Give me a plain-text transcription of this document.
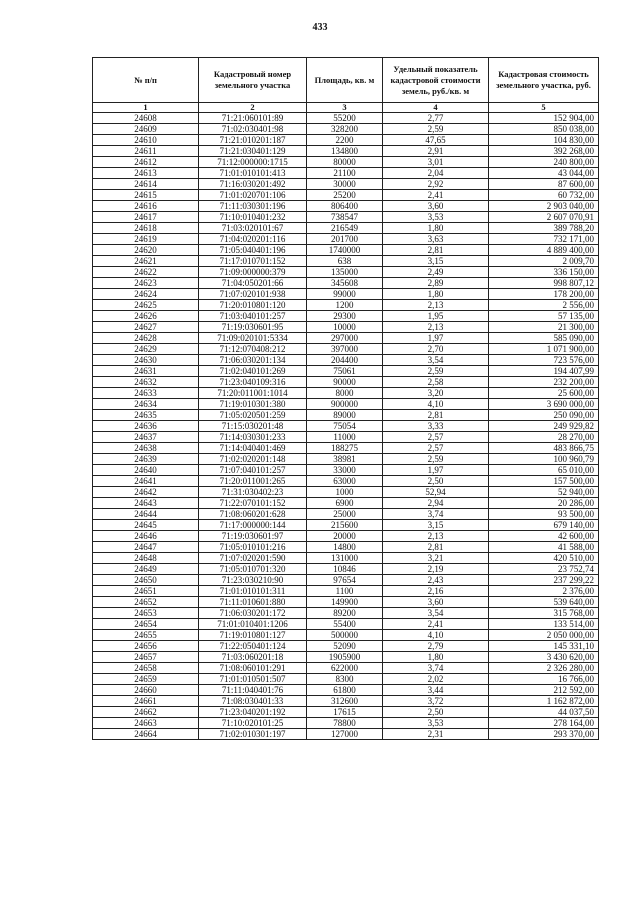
433
№ п/п	Кадастровый номер земельного участка	Площадь, кв. м	Удельный показатель кадастровой стоимости земель, руб./кв. м	Кадастровая стоимость земельного участка, руб.
1	2	3	4	5
24608	71:21:060101:89	55200	2,77	152 904,00
24609	71:02:030401:98	328200	2,59	850 038,00
24610	71:21:010201:187	2200	47,65	104 830,00
24611	71:21:030401:129	134800	2,91	392 268,00
24612	71:12:000000:1715	80000	3,01	240 800,00
24613	71:01:010101:413	21100	2,04	43 044,00
24614	71:16:030201:492	30000	2,92	87 600,00
24615	71:01:020701:106	25200	2,41	60 732,00
24616	71:11:030301:196	806400	3,60	2 903 040,00
24617	71:10:010401:232	738547	3,53	2 607 070,91
24618	71:03:020101:67	216549	1,80	389 788,20
24619	71:04:020201:116	201700	3,63	732 171,00
24620	71:05:040401:196	1740000	2,81	4 889 400,00
24621	71:17:010701:152	638	3,15	2 009,70
24622	71:09:000000:379	135000	2,49	336 150,00
24623	71:04:050201:66	345608	2,89	998 807,12
24624	71:07:020101:938	99000	1,80	178 200,00
24625	71:20:010801:120	1200	2,13	2 556,00
24626	71:03:040101:257	29300	1,95	57 135,00
24627	71:19:030601:95	10000	2,13	21 300,00
24628	71:09:020101:5334	297000	1,97	585 090,00
24629	71:12:070408:212	397000	2,70	1 071 900,00
24630	71:06:030201:134	204400	3,54	723 576,00
24631	71:02:040101:269	75061	2,59	194 407,99
24632	71:23:040109:316	90000	2,58	232 200,00
24633	71:20:011001:1014	8000	3,20	25 600,00
24634	71:19:010301:380	900000	4,10	3 690 000,00
24635	71:05:020501:259	89000	2,81	250 090,00
24636	71:15:030201:48	75054	3,33	249 929,82
24637	71:14:030301:233	11000	2,57	28 270,00
24638	71:14:040401:469	188275	2,57	483 866,75
24639	71:02:020201:148	38981	2,59	100 960,79
24640	71:07:040101:257	33000	1,97	65 010,00
24641	71:20:011001:265	63000	2,50	157 500,00
24642	71:31:030402:23	1000	52,94	52 940,00
24643	71:22:070101:152	6900	2,94	20 286,00
24644	71:08:060201:628	25000	3,74	93 500,00
24645	71:17:000000:144	215600	3,15	679 140,00
24646	71:19:030601:97	20000	2,13	42 600,00
24647	71:05:010101:216	14800	2,81	41 588,00
24648	71:07:020201:590	131000	3,21	420 510,00
24649	71:05:010701:320	10846	2,19	23 752,74
24650	71:23:030210:90	97654	2,43	237 299,22
24651	71:01:010101:311	1100	2,16	2 376,00
24652	71:11:010601:880	149900	3,60	539 640,00
24653	71:06:030201:172	89200	3,54	315 768,00
24654	71:01:010401:1206	55400	2,41	133 514,00
24655	71:19:010801:127	500000	4,10	2 050 000,00
24656	71:22:050401:124	52090	2,79	145 331,10
24657	71:03:060201:18	1905900	1,80	3 430 620,00
24658	71:08:060101:291	622000	3,74	2 326 280,00
24659	71:01:010501:507	8300	2,02	16 766,00
24660	71:11:040401:76	61800	3,44	212 592,00
24661	71:08:030401:33	312600	3,72	1 162 872,00
24662	71:23:040201:192	17615	2,50	44 037,50
24663	71:10:020101:25	78800	3,53	278 164,00
24664	71:02:010301:197	127000	2,31	293 370,00
